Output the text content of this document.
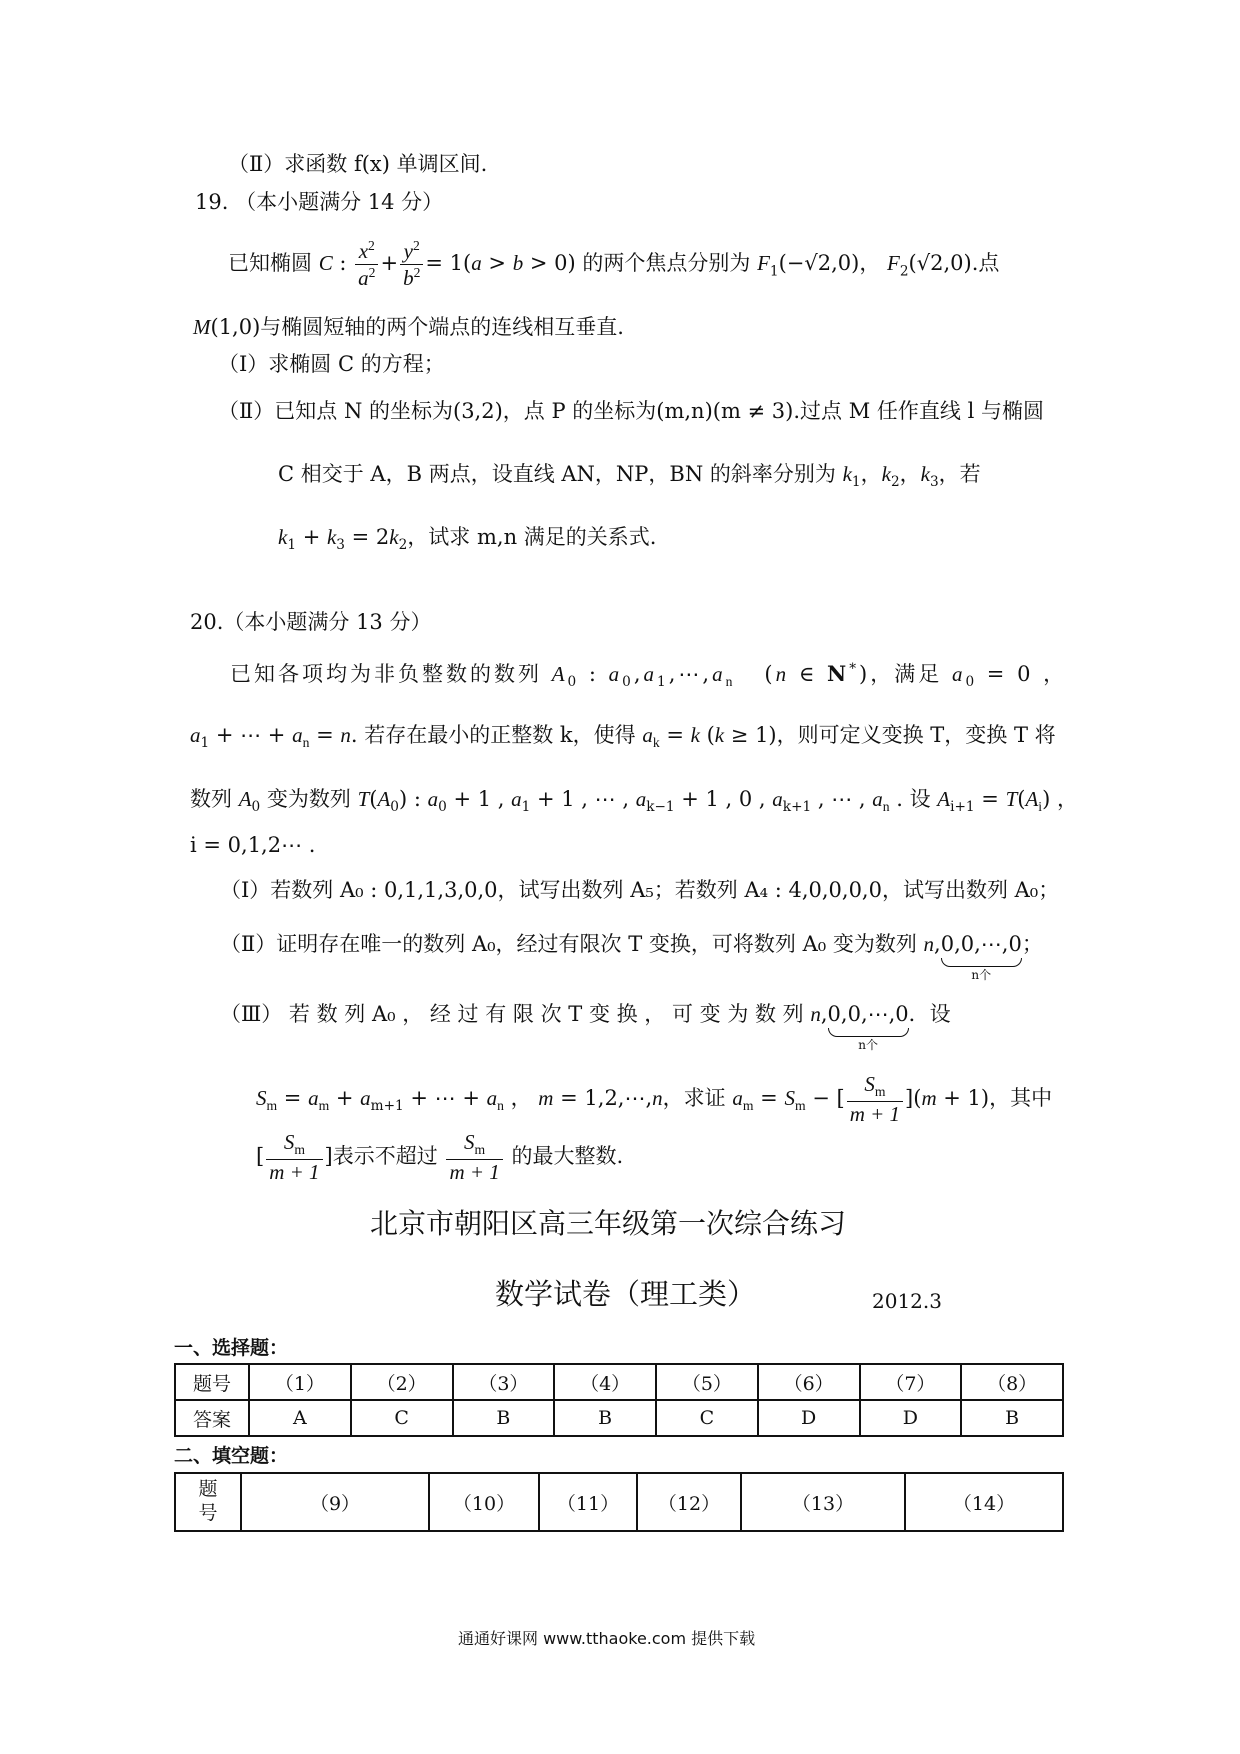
（Ⅱ）求函数 f(x) 单调区间.
19. （本小题满分 14 分）
已知椭圆 C : $\frac{x^2}{a^2} + \frac{y^2}{b^2} = 1(a > b > 0)$ 的两个焦点分别为 $F_1(-√2,0)$， $F_2(√2,0)$.点
M(1,0)与椭圆短轴的两个端点的连线相互垂直.
（Ⅰ）求椭圆 C 的方程；
（Ⅱ）已知点 N 的坐标为(3,2)，点 P 的坐标为(m,n)(m ≠ 3).过点 M 任作直线 l 与椭圆
C 相交于 A，B 两点，设直线 AN，NP，BN 的斜率分别为 $k_1$，$k_2$，$k_3$，若
$k_1 + k_3 = 2k_2$，试求 m,n 满足的关系式.
20.（本小题满分 13 分）
已知各项均为非负整数的数列 $A_0$ : $a_0,a_1,\cdots,a_n$   (n ∈ N*)，满足 $a_0 = 0$ ，
$a_1$ + ⋯ + $a_n = n$. 若存在最小的正整数 k，使得 $a_k = k$ (k ≥ 1)，则可定义变换 T，变换 T 将
数列 $A_0$ 变为数列 $T(A_0)$ : $a_0 + 1$ , $a_1 + 1$ , ⋯ , $a_{k-1} + 1$ , 0 , $a_{k+1}$ , ⋯ , $a_n$ . 设 $A_{i+1} = T(A_i)$ ，
i = 0,1,2⋯ .
（Ⅰ）若数列 A₀ : 0,1,1,3,0,0，试写出数列 A₅；若数列 A₄ : 4,0,0,0,0，试写出数列 A₀；
（Ⅱ）证明存在唯一的数列 A₀，经过有限次 T 变换，可将数列 A₀ 变为数列 n,0,0,⋯,0
n个
；
（Ⅲ） 若 数 列 A₀ ， 经 过 有 限 次 T 变 换 ， 可 变 为 数 列 n,0,0,⋯,0
n个
．设
$S_m = a_m + a_{m+1}$ + ⋯ + $a_n$ ， m = 1,2,⋯,n，求证 $a_m = S_m$ − [ $\frac{S_m}{m + 1} ](m + 1)$，其中
[ $\frac{S_m}{m + 1}$ ]表示不超过 $\frac{S_m}{m + 1}$ 的最大整数.
北京市朝阳区高三年级第一次综合练习
数学试卷（理工类）	2012.3
一、选择题：
题号	（1）	（2）	（3）	（4）	（5）	（6）	（7）	（8）
答案	A	C	B	B	C	D	D	B
二、填空题：
题号	（9）	（10）	（11）	（12）	（13）	（14）
通通好课网 www.tthaoke.com 提供下载
